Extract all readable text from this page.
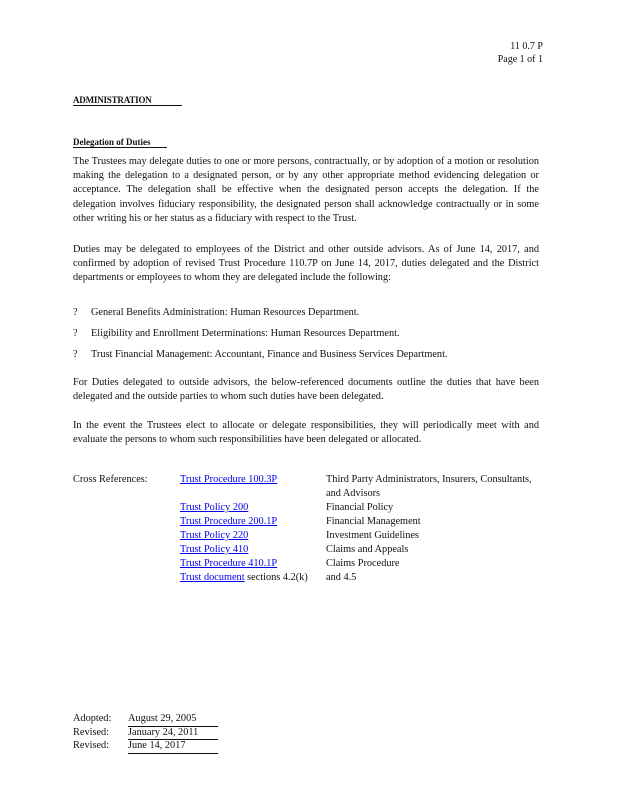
11 0.7 P
Page 1 of 1
ADMINISTRATION
Delegation of Duties
The Trustees may delegate duties to one or more persons, contractually, or by adoption of a motion or resolution making the delegation to a designated person, or by any other appropriate method evidencing delegation or acceptance. The delegation shall be effective when the designated person accepts the delegation. If the delegation involves fiduciary responsibility, the designated person shall acknowledge contractually or in some other writing his or her status as a fiduciary with respect to the Trust.
Duties may be delegated to employees of the District and other outside advisors. As of June 14, 2017, and confirmed by adoption of revised Trust Procedure 110.7P on June 14, 2017, duties delegated and the District departments or employees to whom they are delegated include the following:
? General Benefits Administration: Human Resources Department.
? Eligibility and Enrollment Determinations: Human Resources Department.
? Trust Financial Management: Accountant, Finance and Business Services Department.
For Duties delegated to outside advisors, the below-referenced documents outline the duties that have been delegated and the outside parties to whom such duties have been delegated.
In the event the Trustees elect to allocate or delegate responsibilities, they will periodically meet with and evaluate the persons to whom such responsibilities have been delegated or allocated.
Cross References:	Trust Procedure 100.3P	Third Party Administrators, Insurers, Consultants, and Advisors
Trust Policy 200	Financial Policy
Trust Procedure 200.1P	Financial Management
Trust Policy 220	Investment Guidelines
Trust Policy 410	Claims and Appeals
Trust Procedure 410.1P	Claims Procedure
Trust document sections 4.2(k)	and 4.5
Adopted: August 29, 2005
Revised: January 24, 2011
Revised: June 14, 2017
